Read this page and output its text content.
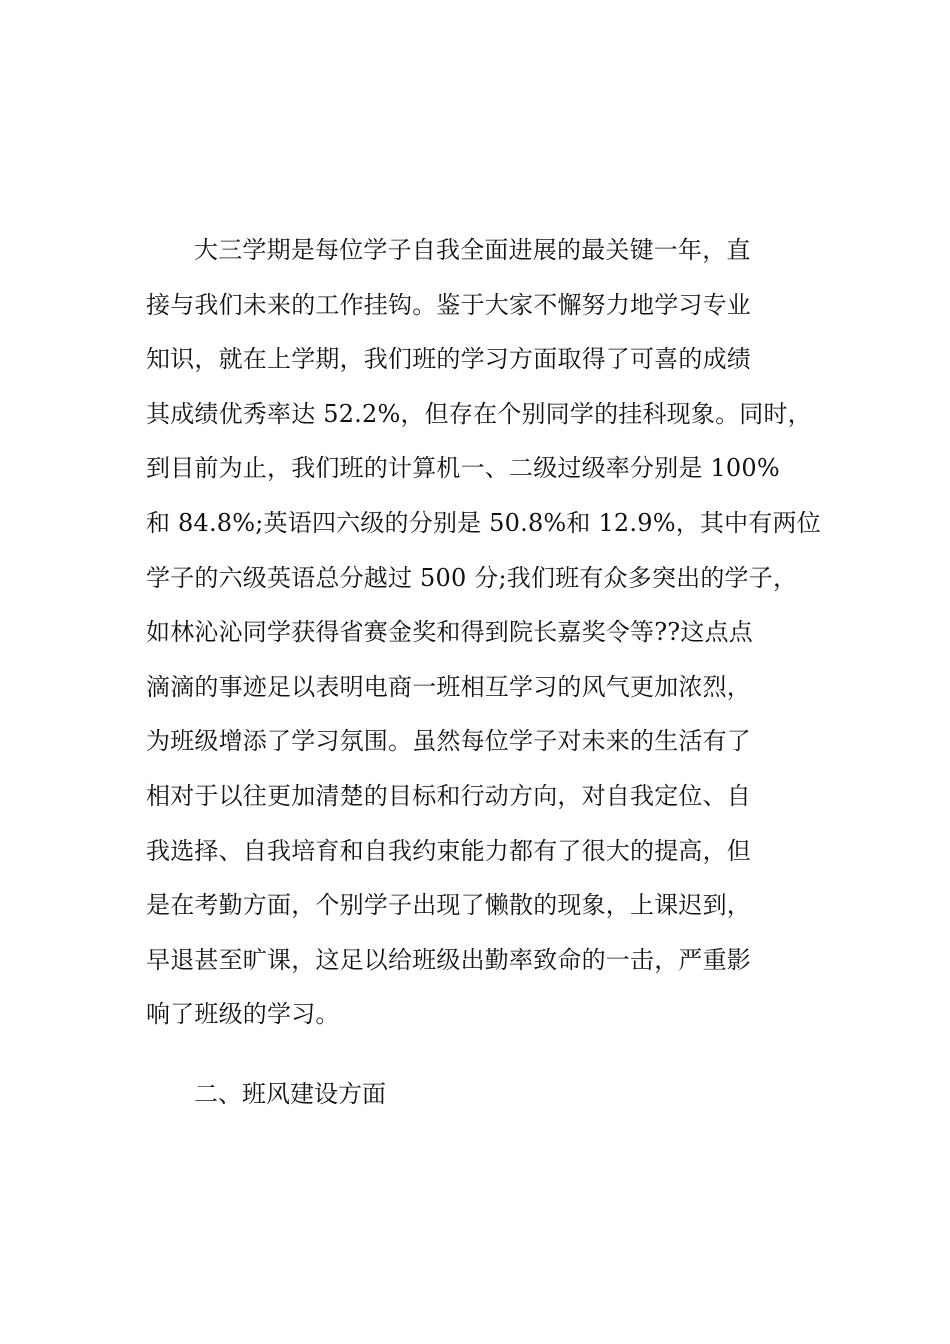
大三学期是每位学子自我全面进展的最关键一年，直
接与我们未来的工作挂钩。鉴于大家不懈努力地学习专业
知识，就在上学期，我们班的学习方面取得了可喜的成绩
其成绩优秀率达 52.2%，但存在个别同学的挂科现象。同时，
到目前为止，我们班的计算机一、二级过级率分别是 100%
和 84.8%;英语四六级的分别是 50.8%和 12.9%，其中有两位
学子的六级英语总分越过 500 分;我们班有众多突出的学子，
如林沁沁同学获得省赛金奖和得到院长嘉奖令等??这点点
滴滴的事迹足以表明电商一班相互学习的风气更加浓烈，
为班级增添了学习氛围。虽然每位学子对未来的生活有了
相对于以往更加清楚的目标和行动方向，对自我定位、自
我选择、自我培育和自我约束能力都有了很大的提高，但
是在考勤方面，个别学子出现了懒散的现象，上课迟到，
早退甚至旷课，这足以给班级出勤率致命的一击，严重影
响了班级的学习。
二、班风建设方面
